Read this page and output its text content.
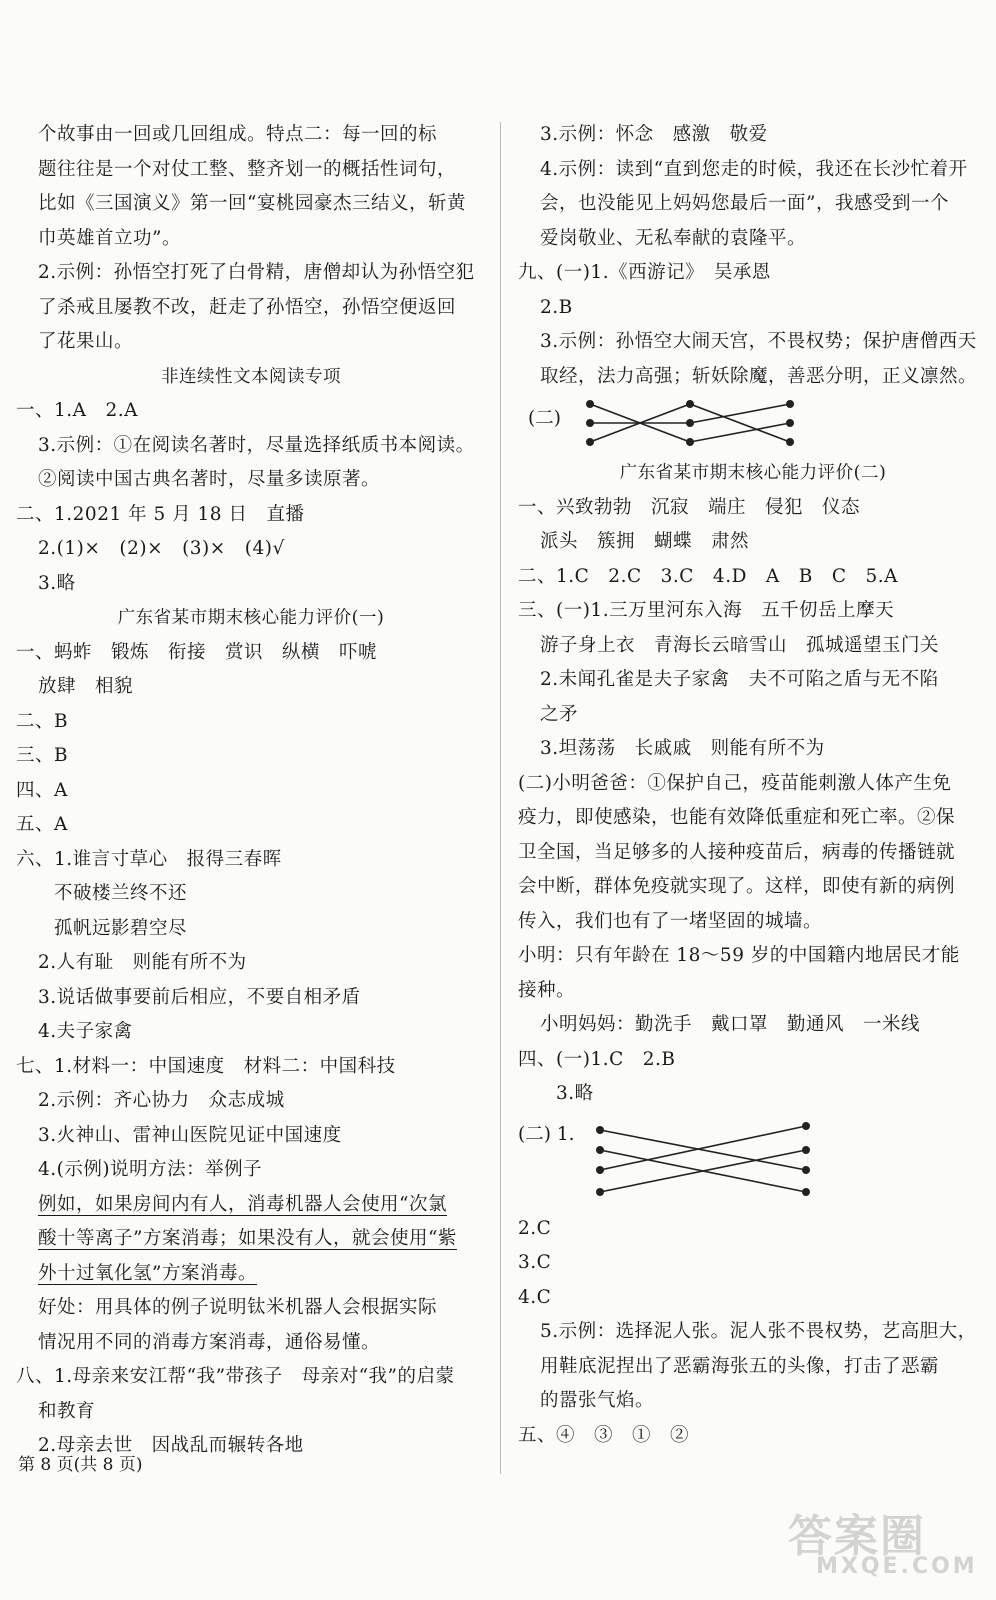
个故事由一回或几回组成。特点二：每一回的标
题往往是一个对仗工整、整齐划一的概括性词句，
比如《三国演义》第一回“宴桃园豪杰三结义，斩黄
巾英雄首立功”。
2.示例：孙悟空打死了白骨精，唐僧却认为孙悟空犯
了杀戒且屡教不改，赶走了孙悟空，孙悟空便返回
了花果山。
非连续性文本阅读专项
一、1.A　2.A
3.示例：①在阅读名著时，尽量选择纸质书本阅读。
②阅读中国古典名著时，尽量多读原著。
二、1.2021 年 5 月 18 日　直播
2.(1)×　(2)×　(3)×　(4)√
3.略
广东省某市期末核心能力评价(一)
一、蚂蚱　锻炼　衔接　赏识　纵横　吓唬
放肆　相貌
二、B
三、B
四、A
五、A
六、1.谁言寸草心　报得三春晖
不破楼兰终不还
孤帆远影碧空尽
2.人有耻　则能有所不为
3.说话做事要前后相应，不要自相矛盾
4.夫子家禽
七、1.材料一：中国速度　材料二：中国科技
2.示例：齐心协力　众志成城
3.火神山、雷神山医院见证中国速度
4.(示例)说明方法：举例子
例如，如果房间内有人，消毒机器人会使用“次氯
酸十等离子”方案消毒；如果没有人，就会使用“紫
外十过氧化氢”方案消毒。
好处：用具体的例子说明钛米机器人会根据实际
情况用不同的消毒方案消毒，通俗易懂。
八、1.母亲来安江帮“我”带孩子　母亲对“我”的启蒙
和教育
2.母亲去世　因战乱而辗转各地
3.示例：怀念　感激　敬爱
4.示例：读到“直到您走的时候，我还在长沙忙着开
会，也没能见上妈妈您最后一面”，我感受到一个
爱岗敬业、无私奉献的袁隆平。
九、(一)1.《西游记》　吴承恩
2.B
3.示例：孙悟空大闹天宫，不畏权势；保护唐僧西天
取经，法力高强；斩妖除魔，善恶分明，正义凛然。
(二)
广东省某市期末核心能力评价(二)
一、兴致勃勃　沉寂　端庄　侵犯　仪态
派头　簇拥　蝴蝶　肃然
二、1.C　2.C　3.C　4.D　A　B　C　5.A
三、(一)1.三万里河东入海　五千仞岳上摩天
游子身上衣　青海长云暗雪山　孤城遥望玉门关
2.未闻孔雀是夫子家禽　夫不可陷之盾与无不陷
之矛
3.坦荡荡　长戚戚　则能有所不为
(二)小明爸爸：①保护自己，疫苗能刺激人体产生免
疫力，即使感染，也能有效降低重症和死亡率。②保
卫全国，当足够多的人接种疫苗后，病毒的传播链就
会中断，群体免疫就实现了。这样，即使有新的病例
传入，我们也有了一堵坚固的城墙。
小明：只有年龄在 18～59 岁的中国籍内地居民才能
接种。
小明妈妈：勤洗手　戴口罩　勤通风　一米线
四、(一)1.C　2.B
3.略
(二) 1.
2.C
3.C
4.C
5.示例：选择泥人张。泥人张不畏权势，艺高胆大，
用鞋底泥捏出了恶霸海张五的头像，打击了恶霸
的嚣张气焰。
五、④　③　①　②
第 8 页(共 8 页)
答案圈
MXQE.COM
